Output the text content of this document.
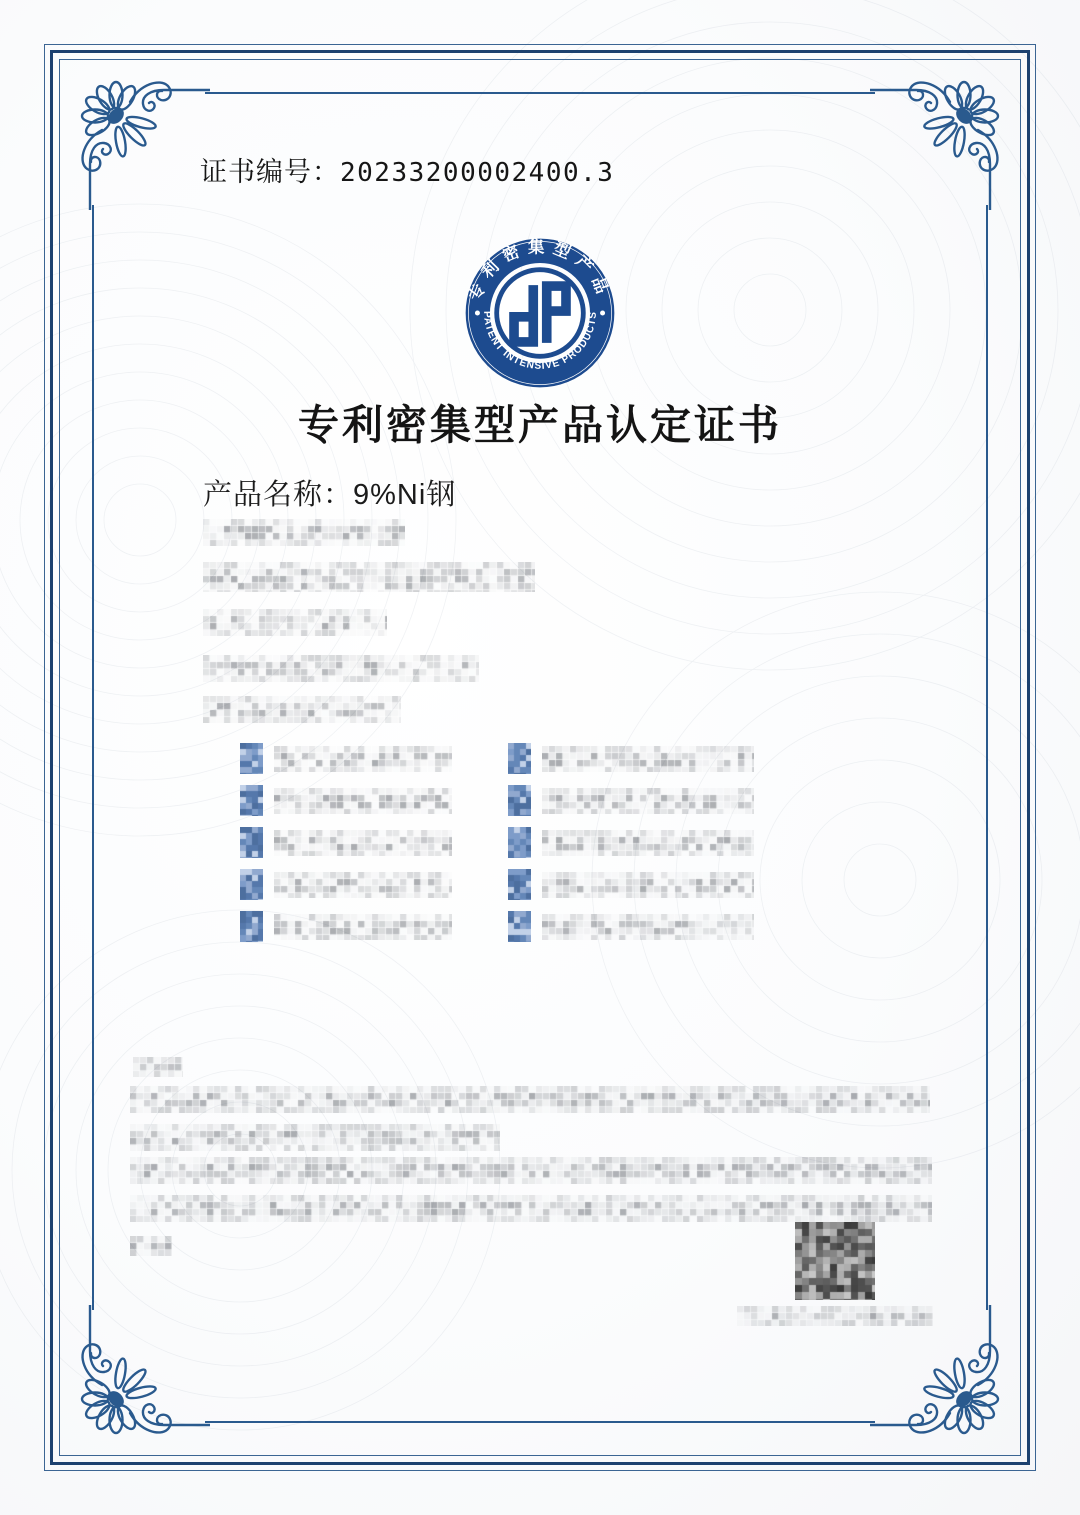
证书编号：20233200002400.3
专利密集型产品
PATENT INTENSIVE PRODUCTS
专利密集型产品认定证书
产品名称：9%Ni钢
